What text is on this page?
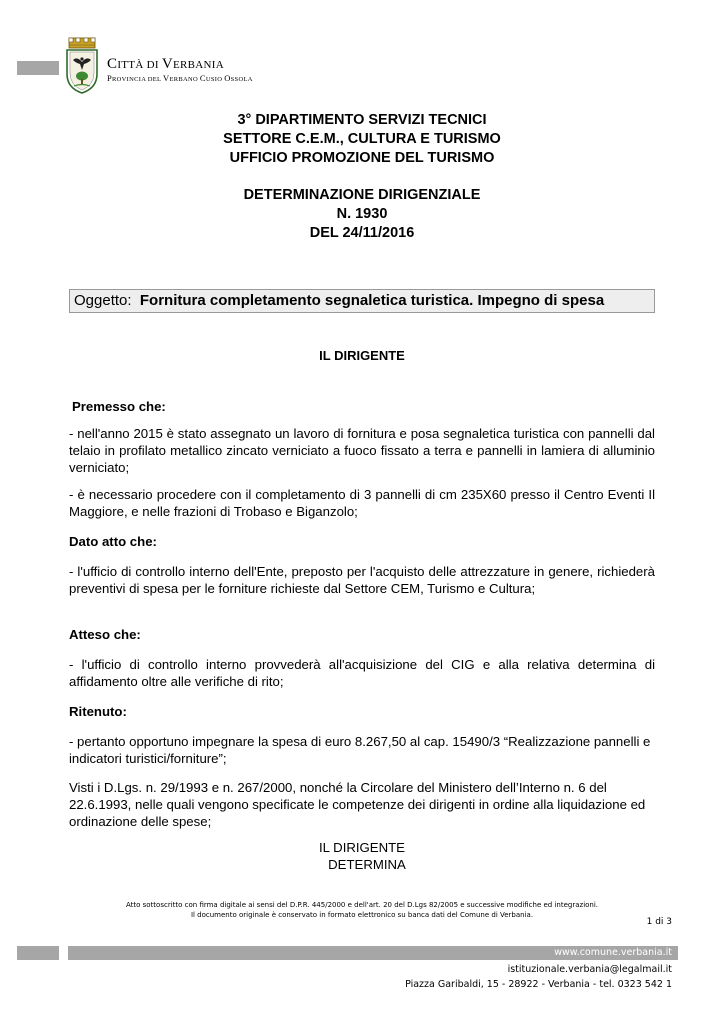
CITTÀ DI VERBANIA
PROVINCIA DEL VERBANO CUSIO OSSOLA
3° DIPARTIMENTO SERVIZI TECNICI
SETTORE C.E.M., CULTURA E TURISMO
UFFICIO PROMOZIONE DEL TURISMO
DETERMINAZIONE DIRIGENZIALE
N. 1930
DEL 24/11/2016
Oggetto: Fornitura completamento segnaletica turistica. Impegno di spesa
IL DIRIGENTE
Premesso che:
- nell'anno 2015 è stato assegnato un lavoro di fornitura e posa segnaletica turistica con pannelli dal telaio in profilato metallico zincato verniciato a fuoco fissato a terra e pannelli in lamiera di alluminio verniciato;
- è necessario procedere con il completamento di 3 pannelli di cm 235X60 presso il Centro Eventi Il Maggiore, e nelle frazioni di Trobaso e Biganzolo;
Dato atto che:
- l'ufficio di controllo interno dell'Ente, preposto per l'acquisto delle attrezzature in genere, richiederà preventivi di spesa per le forniture richieste dal Settore CEM, Turismo e Cultura;
Atteso che:
- l'ufficio di controllo interno provvederà all'acquisizione del CIG e alla relativa determina di affidamento oltre alle verifiche di rito;
Ritenuto:
- pertanto opportuno impegnare la spesa di euro 8.267,50 al cap. 15490/3 “Realizzazione pannelli e indicatori turistici/forniture”;
Visti i D.Lgs. n. 29/1993 e n. 267/2000, nonché la Circolare del Ministero dell’Interno n. 6 del 22.6.1993, nelle quali vengono specificate le competenze dei dirigenti in ordine alla liquidazione ed ordinazione delle spese;
IL DIRIGENTE
DETERMINA
Atto sottoscritto con firma digitale ai sensi del D.P.R. 445/2000 e dell'art. 20 del D.Lgs 82/2005 e successive modifiche ed integrazioni.
Il documento originale è conservato in formato elettronico su banca dati del Comune di Verbania.
1 di 3
www.comune.verbania.it
istituzionale.verbania@legalmail.it
Piazza Garibaldi, 15 - 28922 - Verbania - tel. 0323 542 1
